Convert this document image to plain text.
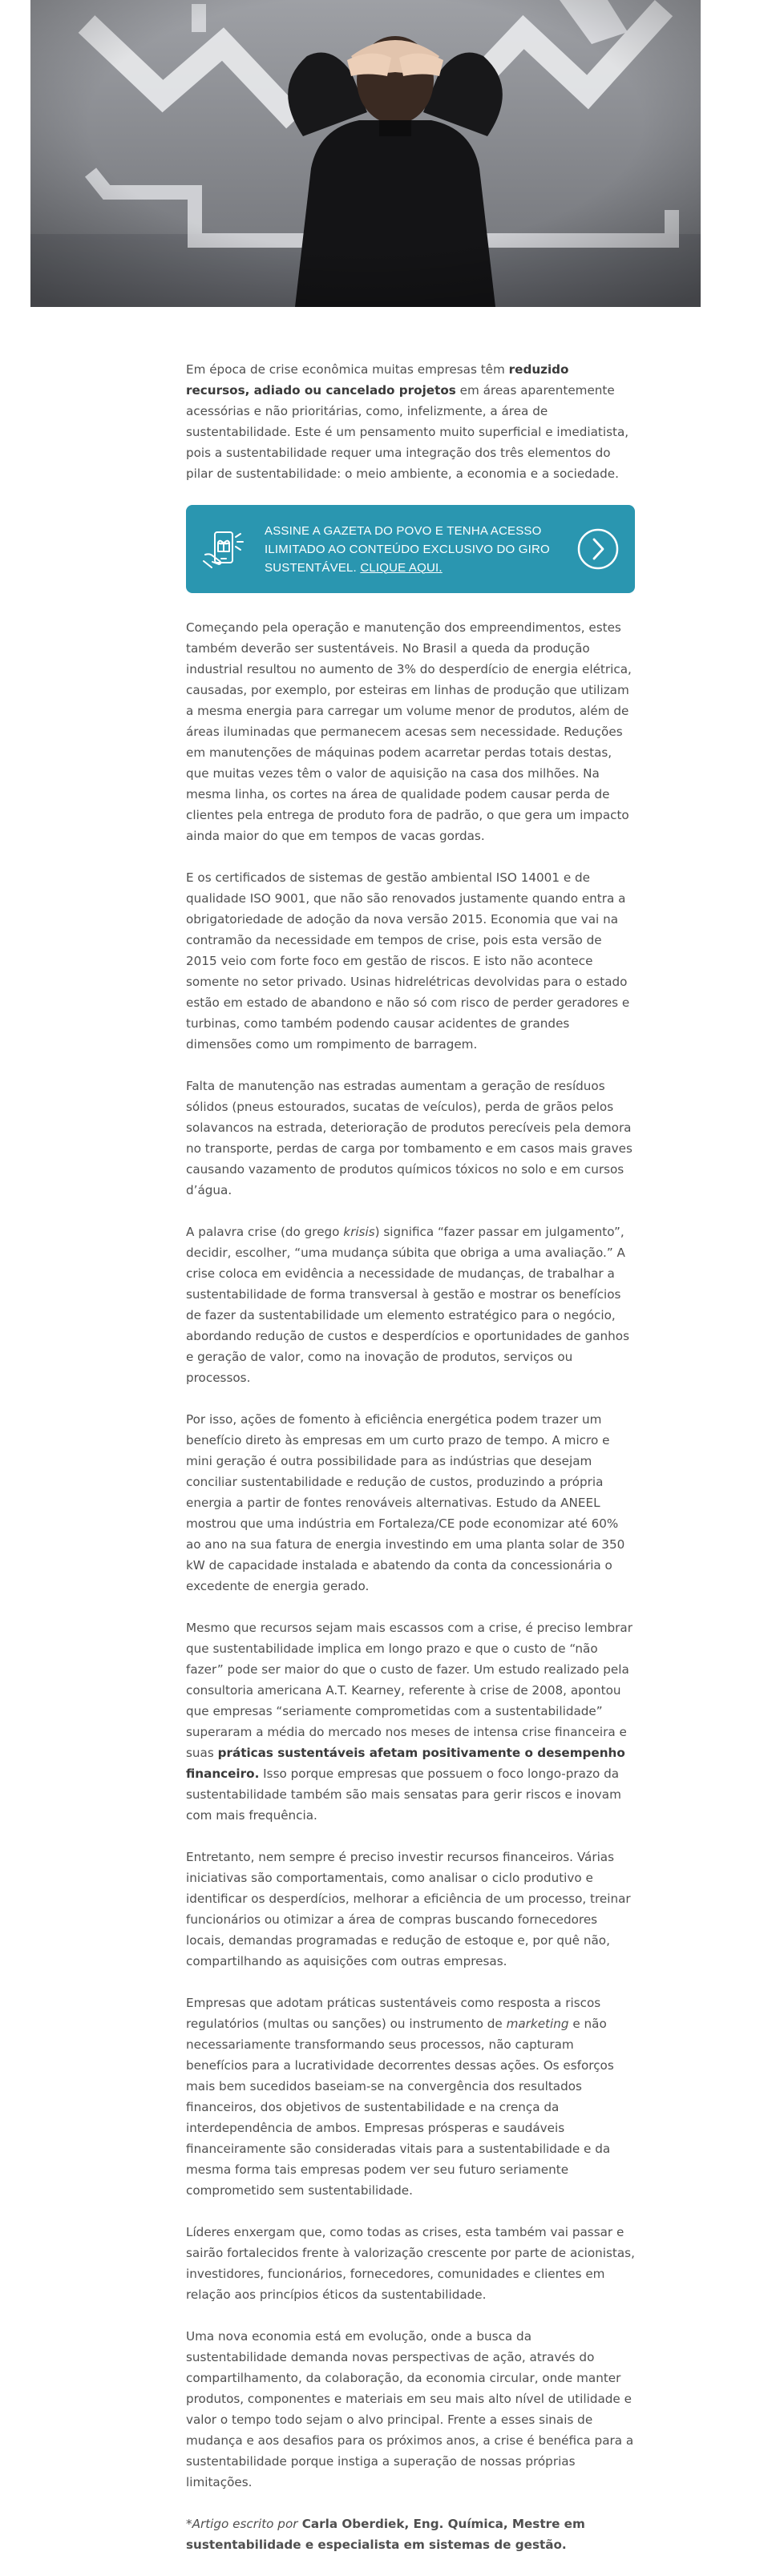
Em época de crise econômica muitas empresas têm reduzido recursos, adiado ou cancelado projetos em áreas aparentemente acessórias e não prioritárias, como, infelizmente, a área de sustentabilidade. Este é um pensamento muito superficial e imediatista, pois a sustentabilidade requer uma integração dos três elementos do pilar de sustentabilidade: o meio ambiente, a economia e a sociedade.

ASSINE A GAZETA DO POVO E TENHA ACESSO ILIMITADO AO CONTEÚDO EXCLUSIVO DO GIRO SUSTENTÁVEL. CLIQUE AQUI.

Começando pela operação e manutenção dos empreendimentos, estes também deverão ser sustentáveis. No Brasil a queda da produção industrial resultou no aumento de 3% do desperdício de energia elétrica, causadas, por exemplo, por esteiras em linhas de produção que utilizam a mesma energia para carregar um volume menor de produtos, além de áreas iluminadas que permanecem acesas sem necessidade. Reduções em manutenções de máquinas podem acarretar perdas totais destas, que muitas vezes têm o valor de aquisição na casa dos milhões. Na mesma linha, os cortes na área de qualidade podem causar perda de clientes pela entrega de produto fora de padrão, o que gera um impacto ainda maior do que em tempos de vacas gordas.

E os certificados de sistemas de gestão ambiental ISO 14001 e de qualidade ISO 9001, que não são renovados justamente quando entra a obrigatoriedade de adoção da nova versão 2015. Economia que vai na contramão da necessidade em tempos de crise, pois esta versão de 2015 veio com forte foco em gestão de riscos. E isto não acontece somente no setor privado. Usinas hidrelétricas devolvidas para o estado estão em estado de abandono e não só com risco de perder geradores e turbinas, como também podendo causar acidentes de grandes dimensões como um rompimento de barragem.

Falta de manutenção nas estradas aumentam a geração de resíduos sólidos (pneus estourados, sucatas de veículos), perda de grãos pelos solavancos na estrada, deterioração de produtos perecíveis pela demora no transporte, perdas de carga por tombamento e em casos mais graves causando vazamento de produtos químicos tóxicos no solo e em cursos d’água.

A palavra crise (do grego krisis) significa “fazer passar em julgamento”, decidir, escolher, “uma mudança súbita que obriga a uma avaliação.” A crise coloca em evidência a necessidade de mudanças, de trabalhar a sustentabilidade de forma transversal à gestão e mostrar os benefícios de fazer da sustentabilidade um elemento estratégico para o negócio, abordando redução de custos e desperdícios e oportunidades de ganhos e geração de valor, como na inovação de produtos, serviços ou processos.

Por isso, ações de fomento à eficiência energética podem trazer um benefício direto às empresas em um curto prazo de tempo. A micro e mini geração é outra possibilidade para as indústrias que desejam conciliar sustentabilidade e redução de custos, produzindo a própria energia a partir de fontes renováveis alternativas. Estudo da ANEEL mostrou que uma indústria em Fortaleza/CE pode economizar até 60% ao ano na sua fatura de energia investindo em uma planta solar de 350 kW de capacidade instalada e abatendo da conta da concessionária o excedente de energia gerado.

Mesmo que recursos sejam mais escassos com a crise, é preciso lembrar que sustentabilidade implica em longo prazo e que o custo de “não fazer” pode ser maior do que o custo de fazer. Um estudo realizado pela consultoria americana A.T. Kearney, referente à crise de 2008, apontou que empresas “seriamente comprometidas com a sustentabilidade” superaram a média do mercado nos meses de intensa crise financeira e suas práticas sustentáveis afetam positivamente o desempenho financeiro. Isso porque empresas que possuem o foco longo-prazo da sustentabilidade também são mais sensatas para gerir riscos e inovam com mais frequência.

Entretanto, nem sempre é preciso investir recursos financeiros. Várias iniciativas são comportamentais, como analisar o ciclo produtivo e identificar os desperdícios, melhorar a eficiência de um processo, treinar funcionários ou otimizar a área de compras buscando fornecedores locais, demandas programadas e redução de estoque e, por quê não, compartilhando as aquisições com outras empresas.

Empresas que adotam práticas sustentáveis como resposta a riscos regulatórios (multas ou sanções) ou instrumento de marketing e não necessariamente transformando seus processos, não capturam benefícios para a lucratividade decorrentes dessas ações. Os esforços mais bem sucedidos baseiam-se na convergência dos resultados financeiros, dos objetivos de sustentabilidade e na crença da interdependência de ambos. Empresas prósperas e saudáveis financeiramente são consideradas vitais para a sustentabilidade e da mesma forma tais empresas podem ver seu futuro seriamente comprometido sem sustentabilidade.

Líderes enxergam que, como todas as crises, esta também vai passar e sairão fortalecidos frente à valorização crescente por parte de acionistas, investidores, funcionários, fornecedores, comunidades e clientes em relação aos princípios éticos da sustentabilidade.

Uma nova economia está em evolução, onde a busca da sustentabilidade demanda novas perspectivas de ação, através do compartilhamento, da colaboração, da economia circular, onde manter produtos, componentes e materiais em seu mais alto nível de utilidade e valor o tempo todo sejam o alvo principal. Frente a esses sinais de mudança e aos desafios para os próximos anos, a crise é benéfica para a sustentabilidade porque instiga a superação de nossas próprias limitações.

*Artigo escrito por Carla Oberdiek, Eng. Química, Mestre em sustentabilidade e especialista em sistemas de gestão.
